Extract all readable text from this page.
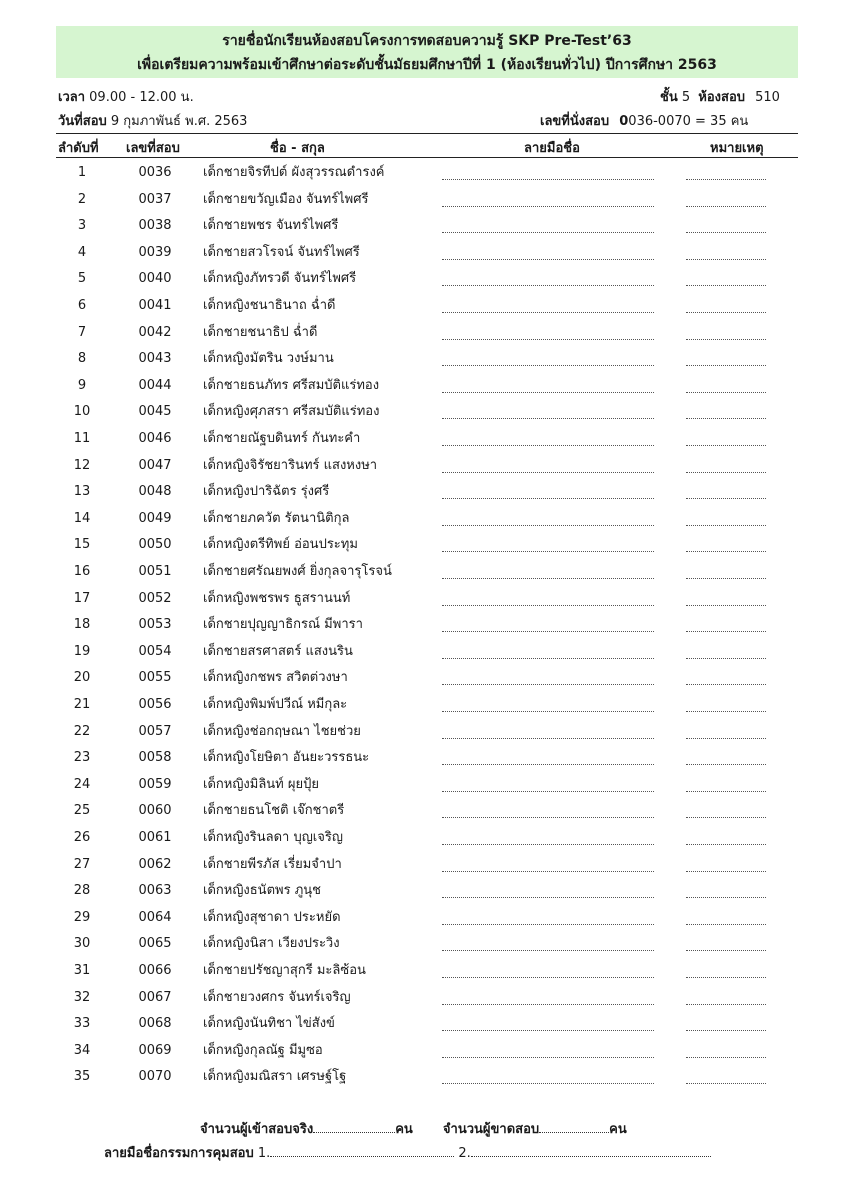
รายชื่อนักเรียนห้องสอบโครงการทดสอบความรู้ SKP Pre-Test’63
เพื่อเตรียมความพร้อมเข้าศึกษาต่อระดับชั้นมัธยมศึกษาปีที่ 1 (ห้องเรียนทั่วไป) ปีการศึกษา 2563
เวลา 09.00 - 12.00 น.	ชั้น 5 ห้องสอบ 510
วันที่สอบ 9 กุมภาพันธ์ พ.ศ. 2563	เลขที่นั่งสอบ 0036-0070 = 35 คน
ลำดับที่ เลขที่สอบ	ชื่อ - สกุล	ลายมือชื่อ	หมายเหตุ
1	0036	เด็กชายจิรทีปต์ ผังสุวรรณดำรงค์
2	0037	เด็กชายขวัญเมือง จันทร์ไพศรี
3	0038	เด็กชายพชร จันทร์ไพศรี
4	0039	เด็กชายสวโรจน์ จันทร์ไพศรี
5	0040	เด็กหญิงภัทรวดี จันทร์ไพศรี
6	0041	เด็กหญิงชนาธินาถ ฉ่ำดี
7	0042	เด็กชายชนาธิป ฉ่ำดี
8	0043	เด็กหญิงมัตริน วงษ์มาน
9	0044	เด็กชายธนภัทร ศรีสมบัติแร่ทอง
10	0045	เด็กหญิงศุภสรา ศรีสมบัติแร่ทอง
11	0046	เด็กชายณัฐบดินทร์ กันทะคำ
12	0047	เด็กหญิงจิรัชยารินทร์ แสงหงษา
13	0048	เด็กหญิงปาริฉัตร รุ่งศรี
14	0049	เด็กชายภควัต รัตนานิติกุล
15	0050	เด็กหญิงตรีทิพย์ อ่อนประทุม
16	0051	เด็กชายศรัณยพงศ์ ยิ่งกุลจารุโรจน์
17	0052	เด็กหญิงพชรพร ธูสรานนท์
18	0053	เด็กชายปุญญาธิกรณ์ มีพารา
19	0054	เด็กชายสรศาสตร์ แสงนริน
20	0055	เด็กหญิงกชพร สวิตต่วงษา
21	0056	เด็กหญิงพิมพ์ปวีณ์ หมีกุละ
22	0057	เด็กหญิงช่อกฤษณา ไชยช่วย
23	0058	เด็กหญิงโยษิตา อันยะวรรธนะ
24	0059	เด็กหญิงมิลินท์ ผุยปุ้ย
25	0060	เด็กชายธนโชติ เจ๊กชาตรี
26	0061	เด็กหญิงรินลดา บุญเจริญ
27	0062	เด็กชายพีรภัส เรี่ยมจำปา
28	0063	เด็กหญิงธนัตพร ภูนุช
29	0064	เด็กหญิงสุชาดา ประหยัด
30	0065	เด็กหญิงนิสา เวียงประวิง
31	0066	เด็กชายปรัชญาสุกรี มะลิซ้อน
32	0067	เด็กชายวงศกร จันทร์เจริญ
33	0068	เด็กหญิงนันทิชา ไข่สังข์
34	0069	เด็กหญิงกุลณัฐ มีมูซอ
35	0070	เด็กหญิงมณิสรา เศรษฐ์โฐ
จำนวนผู้เข้าสอบจริง	คน จำนวนผู้ขาดสอบ	คน
ลายมือชื่อกรรมการคุมสอบ 1.	2.
